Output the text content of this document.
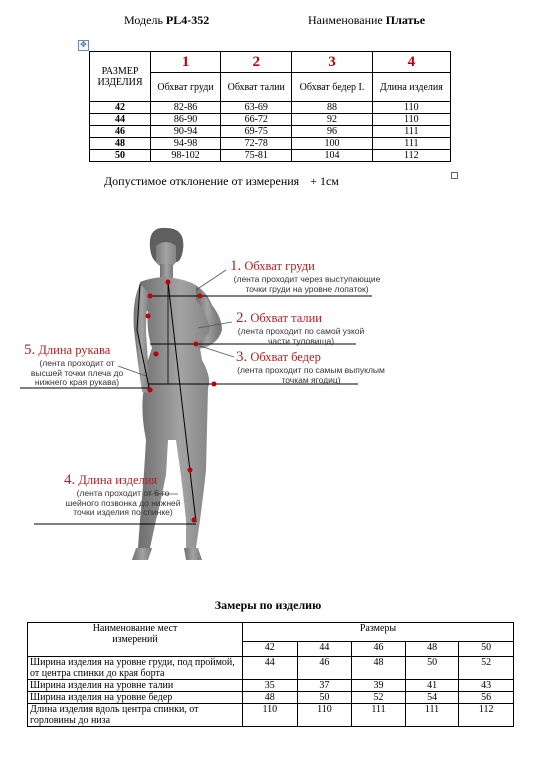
Модель PL4-352	Наименование Платье
✥
РАЗМЕР ИЗДЕЛИЯ	1	2	3	4
	Обхват груди	Обхват талии	Обхват бедер I.	Длина изделия
42	82-86	63-69	88	110
44	86-90	66-72	92	110
46	90-94	69-75	96	111
48	94-98	72-78	100	111
50	98-102	75-81	104	112
Допустимое отклонение от измерения + 1см
1. Обхват груди
(лента проходит через выступающие точки груди на уровне лопаток)
2. Обхват талии
(лента проходит по самой узкой части туловища)
3. Обхват бедер
(лента проходит по самым выпуклым точкам ягодиц)
5. Длина рукава
(лента проходит от высшей точки плеча до нижнего края рукава)
4. Длина изделия
(лента проходит от 6-го шейного позвонка до нижней точки изделия по спинке)
Замеры по изделию
Наименование мест измерений	Размеры				
	42	44	46	48	50
Ширина изделия на уровне груди, под проймой, от центра спинки до края борта	44	46	48	50	52
Ширина изделия на уровне талии	35	37	39	41	43
Ширина изделия на уровне бедер	48	50	52	54	56
Длина изделия вдоль центра спинки, от горловины до низа	110	110	111	111	112
